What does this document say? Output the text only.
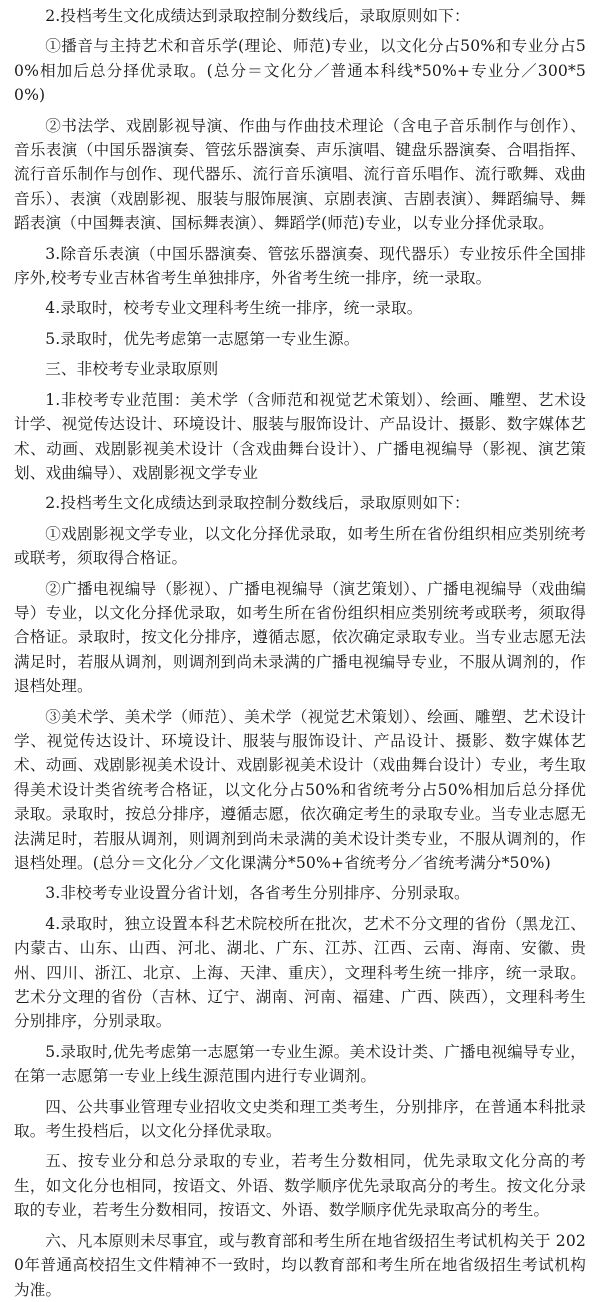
2.投档考生文化成绩达到录取控制分数线后，录取原则如下：

①播音与主持艺术和音乐学(理论、师范)专业，以文化分占50%和专业分占50%相加后总分择优录取。(总分＝文化分／普通本科线*50%+专业分／300*50%)

②书法学、戏剧影视导演、作曲与作曲技术理论（含电子音乐制作与创作）、音乐表演（中国乐器演奏、管弦乐器演奏、声乐演唱、键盘乐器演奏、合唱指挥、流行音乐制作与创作、现代器乐、流行音乐演唱、流行音乐唱作、流行歌舞、戏曲音乐）、表演（戏剧影视、服装与服饰展演、京剧表演、吉剧表演）、舞蹈编导、舞蹈表演（中国舞表演、国标舞表演）、舞蹈学(师范)专业，以专业分择优录取。

3.除音乐表演（中国乐器演奏、管弦乐器演奏、现代器乐）专业按乐件全国排序外,校考专业吉林省考生单独排序，外省考生统一排序，统一录取。

4.录取时，校考专业文理科考生统一排序，统一录取。

5.录取时，优先考虑第一志愿第一专业生源。

三、非校考专业录取原则

1.非校考专业范围：美术学（含师范和视觉艺术策划）、绘画、雕塑、艺术设计学、视觉传达设计、环境设计、服装与服饰设计、产品设计、摄影、数字媒体艺术、动画、戏剧影视美术设计（含戏曲舞台设计）、广播电视编导（影视、演艺策划、戏曲编导）、戏剧影视文学专业

2.投档考生文化成绩达到录取控制分数线后，录取原则如下：

①戏剧影视文学专业，以文化分择优录取，如考生所在省份组织相应类别统考或联考，须取得合格证。

②广播电视编导（影视）、广播电视编导（演艺策划）、广播电视编导（戏曲编导）专业，以文化分择优录取，如考生所在省份组织相应类别统考或联考，须取得合格证。录取时，按文化分排序，遵循志愿，依次确定录取专业。当专业志愿无法满足时，若服从调剂，则调剂到尚未录满的广播电视编导专业，不服从调剂的，作退档处理。

③美术学、美术学（师范）、美术学（视觉艺术策划）、绘画、雕塑、艺术设计学、视觉传达设计、环境设计、服装与服饰设计、产品设计、摄影、数字媒体艺术、动画、戏剧影视美术设计、戏剧影视美术设计（戏曲舞台设计）专业，考生取得美术设计类省统考合格证，以文化分占50%和省统考分占50%相加后总分择优录取。录取时，按总分排序，遵循志愿，依次确定考生的录取专业。当专业志愿无法满足时，若服从调剂，则调剂到尚未录满的美术设计类专业，不服从调剂的，作退档处理。(总分＝文化分／文化课满分*50%+省统考分／省统考满分*50%)

3.非校考专业设置分省计划，各省考生分别排序、分别录取。

4.录取时，独立设置本科艺术院校所在批次，艺术不分文理的省份（黑龙江、内蒙古、山东、山西、河北、湖北、广东、江苏、江西、云南、海南、安徽、贵州、四川、浙江、北京、上海、天津、重庆），文理科考生统一排序，统一录取。艺术分文理的省份（吉林、辽宁、湖南、河南、福建、广西、陕西），文理科考生分别排序，分别录取。

5.录取时,优先考虑第一志愿第一专业生源。美术设计类、广播电视编导专业，在第一志愿第一专业上线生源范围内进行专业调剂。

四、公共事业管理专业招收文史类和理工类考生，分别排序，在普通本科批录取。考生投档后，以文化分择优录取。

五、按专业分和总分录取的专业，若考生分数相同，优先录取文化分高的考生，如文化分也相同，按语文、外语、数学顺序优先录取高分的考生。按文化分录取的专业，若考生分数相同，按语文、外语、数学顺序优先录取高分的考生。

六、凡本原则未尽事宜，或与教育部和考生所在地省级招生考试机构关于 2020年普通高校招生文件精神不一致时，均以教育部和考生所在地省级招生考试机构为准。
